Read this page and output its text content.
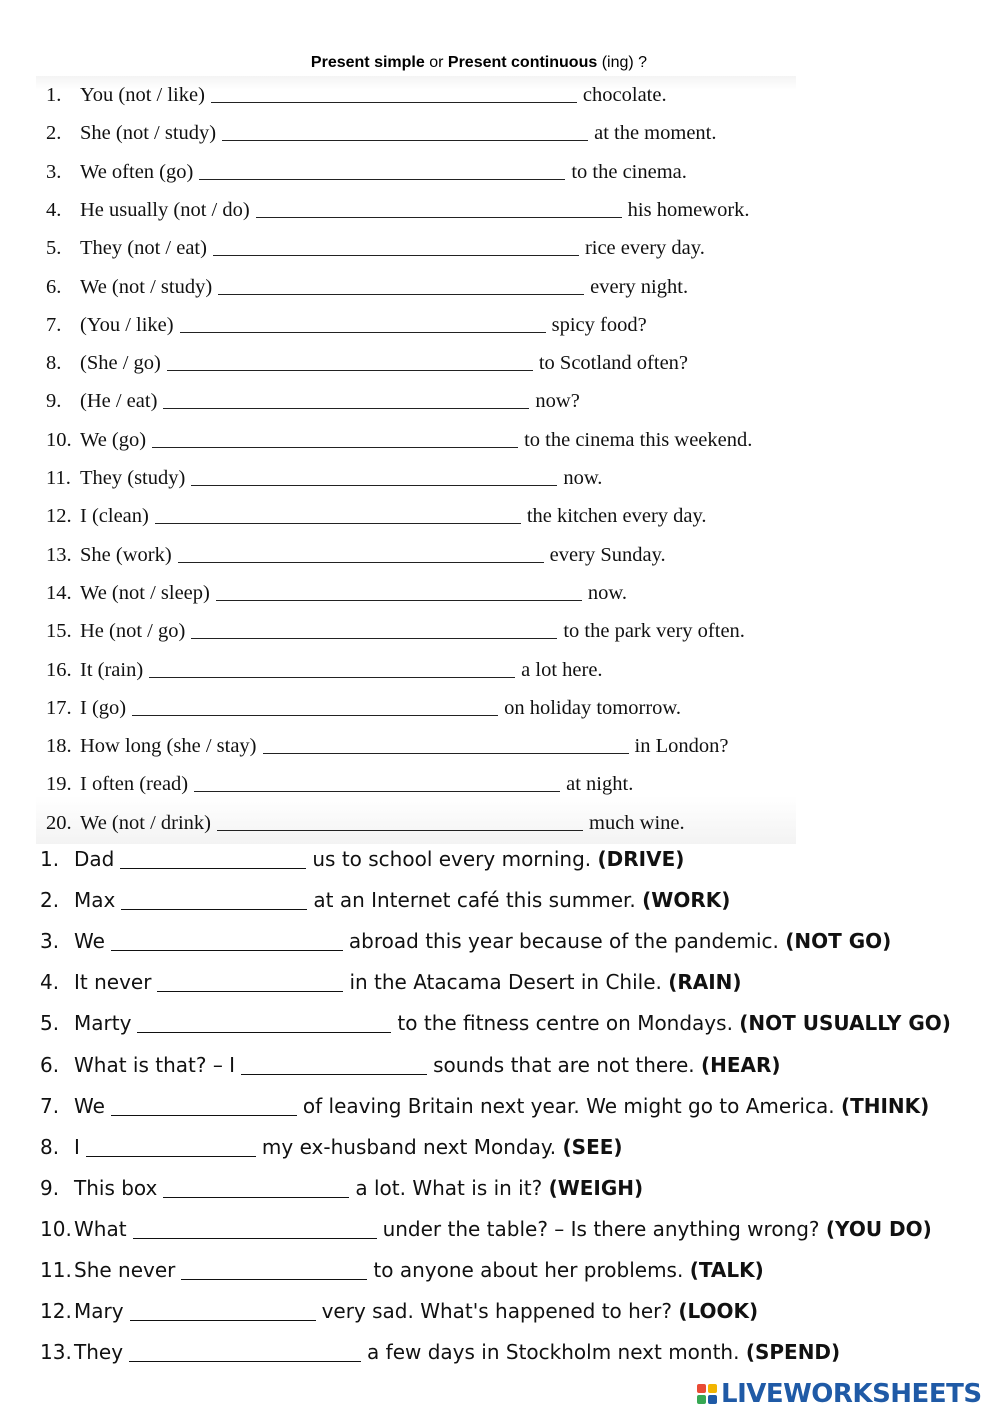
Present simple or Present continuous (ing) ?
1. You (not / like)	chocolate.
2. She (not / study)	at the moment.
3. We often (go)	to the cinema.
4. He usually (not / do)	his homework.
5. They (not / eat)	rice every day.
6. We (not / study)	every night.
7. (You / like)	spicy food?
8. (She / go)	to Scotland often?
9. (He / eat)	now?
10. We (go)	to the cinema this weekend.
11. They (study)	now.
12. I (clean)	the kitchen every day.
13. She (work)	every Sunday.
14. We (not / sleep)	now.
15. He (not / go)	to the park very often.
16. It (rain)	a lot here.
17. I (go)	on holiday tomorrow.
18. How long (she / stay)	in London?
19. I often (read)	at night.
20. We (not / drink)	much wine.
1. Dad	us to school every morning. (DRIVE)
2. Max	at an Internet café this summer. (WORK)
3. We	abroad this year because of the pandemic. (NOT GO)
4. It never	in the Atacama Desert in Chile. (RAIN)
5. Marty	to the fitness centre on Mondays. (NOT USUALLY GO)
6. What is that? – I	sounds that are not there. (HEAR)
7. We	of leaving Britain next year. We might go to America. (THINK)
8. I	my ex-husband next Monday. (SEE)
9. This box	a lot. What is in it? (WEIGH)
10. What	under the table? – Is there anything wrong? (YOU DO)
11. She never	to anyone about her problems. (TALK)
12. Mary	very sad. What's happened to her? (LOOK)
13. They	a few days in Stockholm next month. (SPEND)
LIVEWORKSHEETS
